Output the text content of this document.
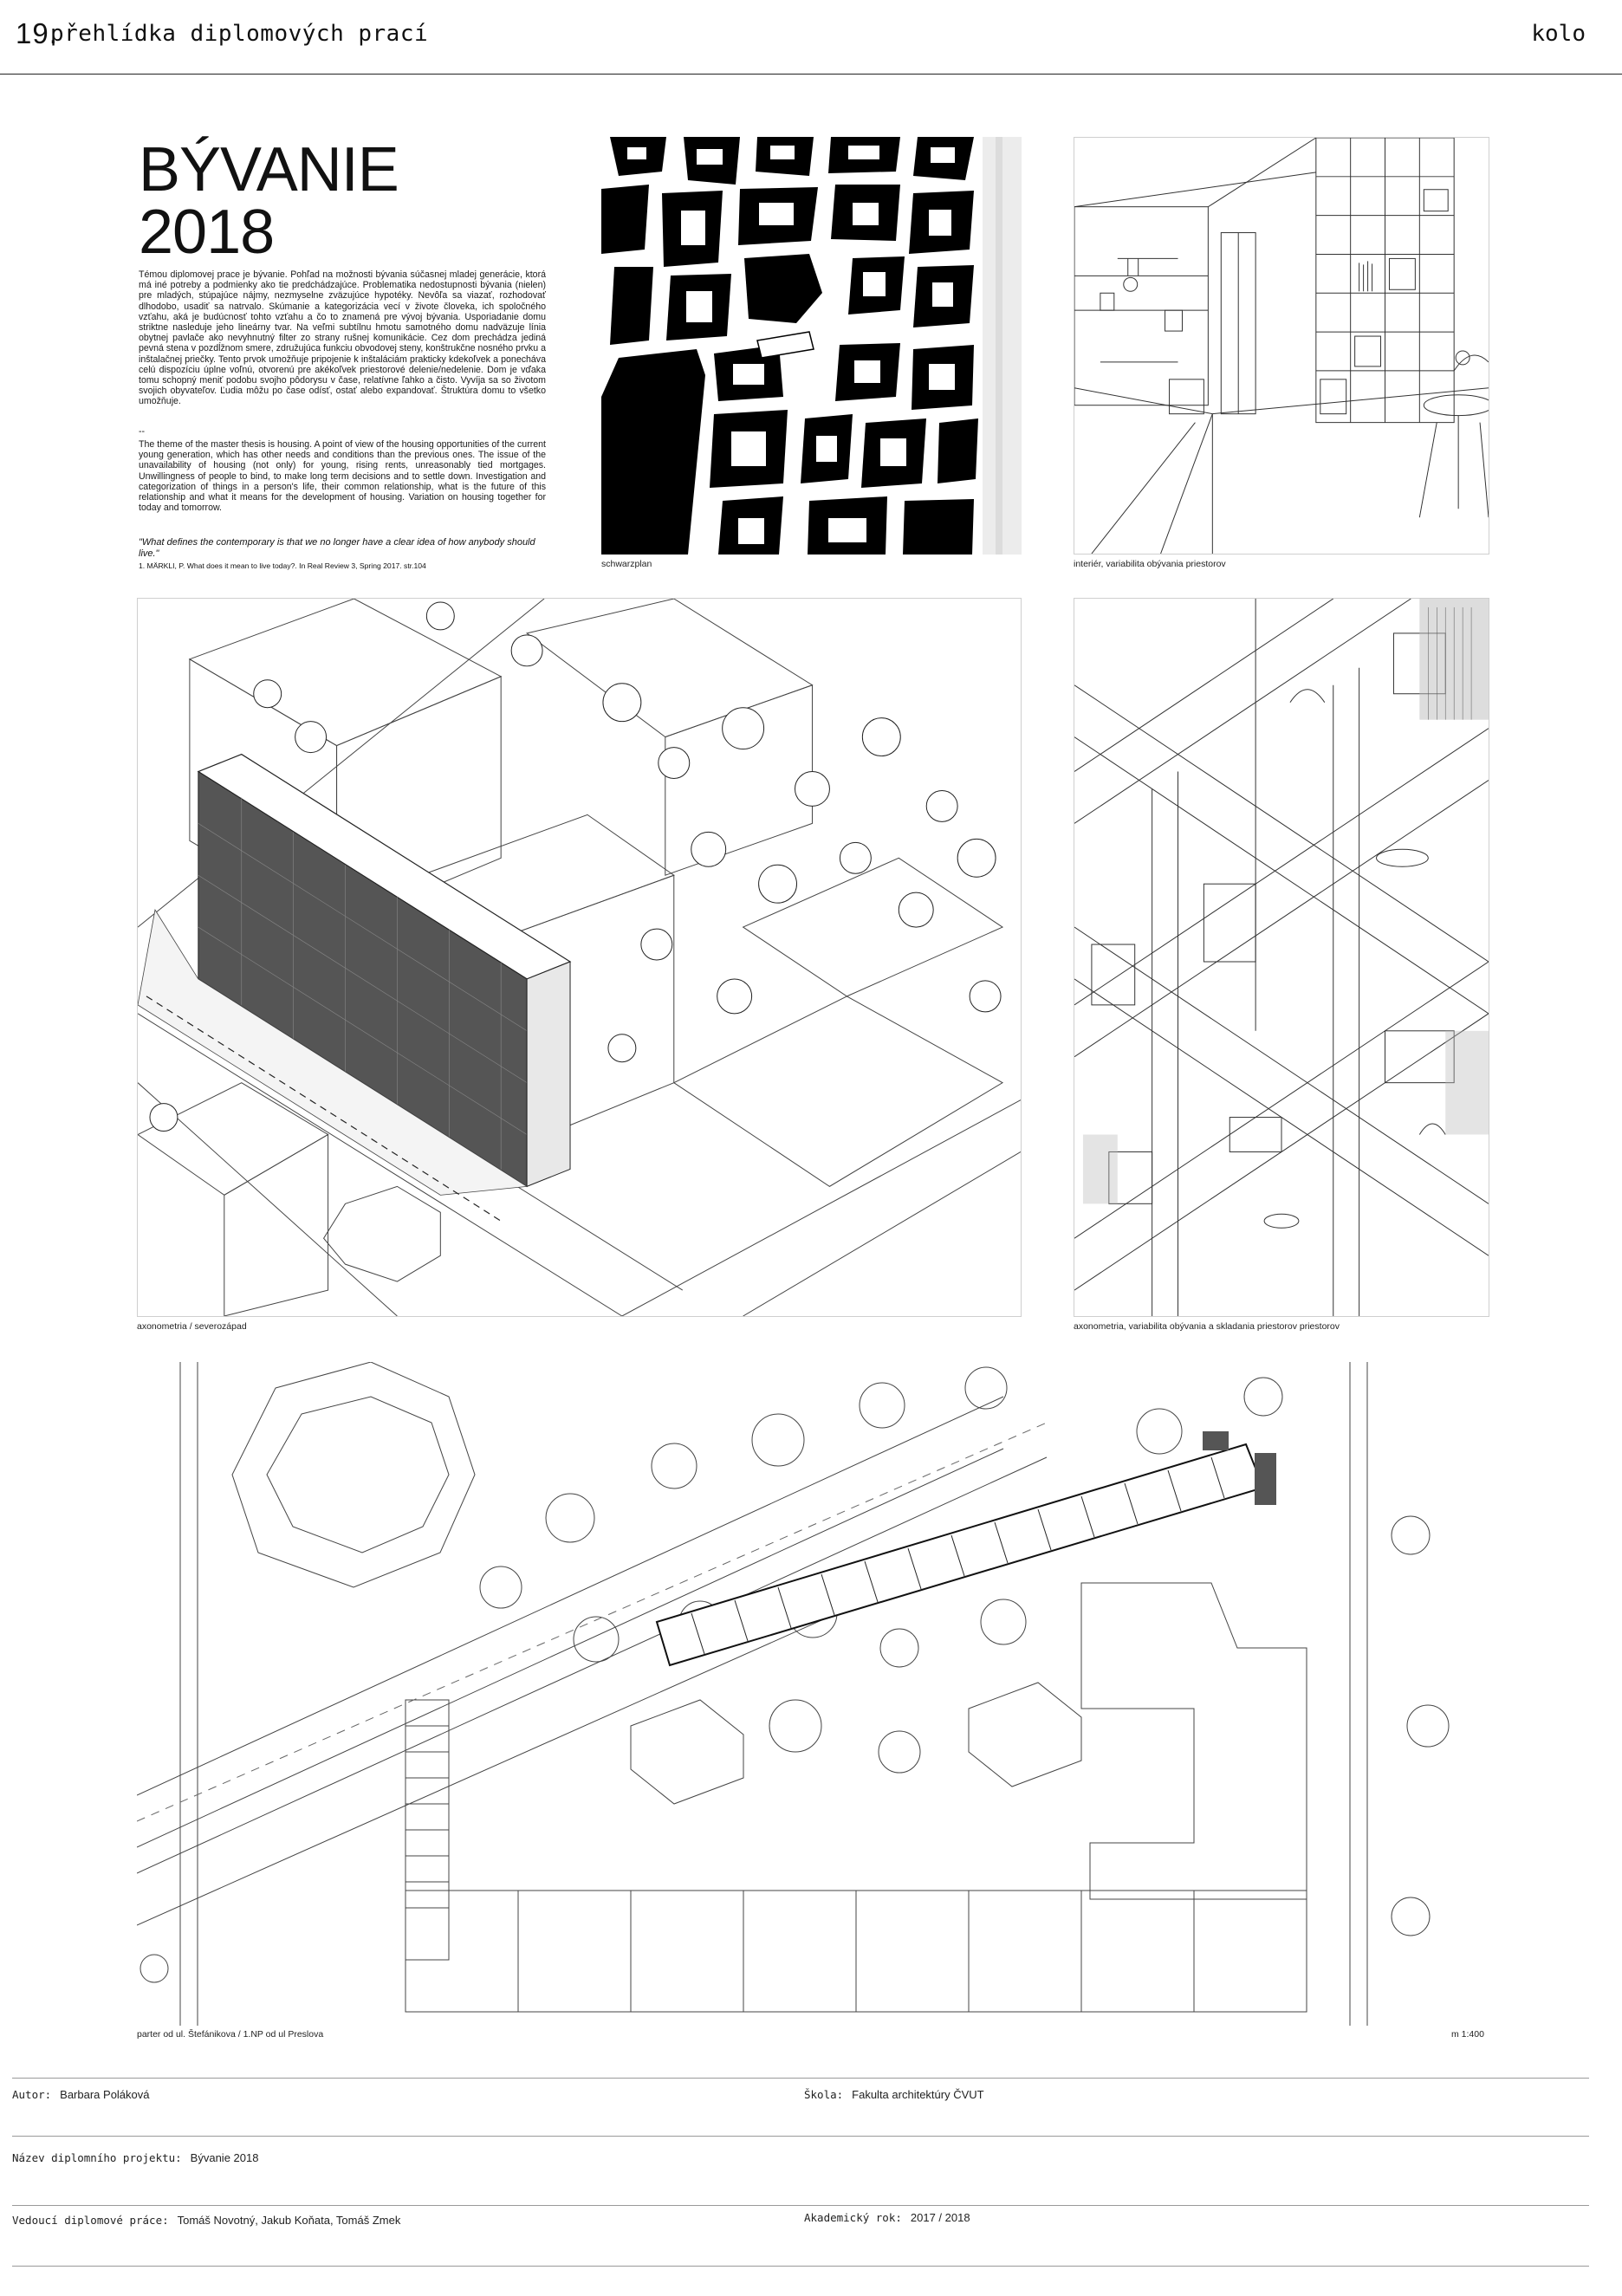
19.
přehlídka diplomových prací	kolo
BÝVANIE
2018

Témou diplomovej prace je bývanie. Pohľad na možnosti bývania súčasnej mladej generácie, ktorá má iné potreby a podmienky ako tie predchádzajúce. Problematika nedostupnosti bývania (nielen) pre mladých, stúpajúce nájmy, nezmyselne zväzujúce hypotéky. Nevôľa sa viazať, rozhodovať dlhodobo, usadiť sa natrvalo. Skúmanie a kategorizácia vecí v živote človeka, ich spoločného vzťahu, aká je budúcnosť tohto vzťahu a čo to znamená pre vývoj bývania. Usporiadanie domu striktne nasleduje jeho lineárny tvar. Na veľmi subtílnu hmotu samotného domu nadväzuje línia obytnej pavlače ako nevyhnutný filter zo strany rušnej komunikácie. Cez dom prechádza jediná pevná stena v pozdĺžnom smere, združujúca funkciu obvodovej steny, konštrukčne nosného prvku a inštalačnej priečky. Tento prvok umožňuje pripojenie k inštaláciám prakticky kdekoľvek a ponecháva celú dispozíciu úplne voľnú, otvorenú pre akékoľvek priestorové delenie/nedelenie. Dom je vďaka tomu schopný meniť podobu svojho pôdorysu v čase, relatívne ľahko a čisto. Vyvíja sa so životom svojich obyvateľov. Ľudia môžu po čase odísť, ostať alebo expandovať. Štruktúra domu to všetko umožňuje.

--

The theme of the master thesis is housing. A point of view of the housing opportunities of the current young generation, which has other needs and conditions than the previous ones. The issue of the unavailability of housing (not only) for young, rising rents, unreasonably tied mortgages. Unwillingness of people to bind, to make long term decisions and to settle down. Investigation and categorization of things in a person's life, their common relationship, what is the future of this relationship and what it means for the development of housing. Variation on housing together for today and tomorrow.

"What defines the contemporary is that we no longer have a clear idea of how anybody should live."

1. MÄRKLI, P. What does it mean to live today?. In Real Review 3, Spring 2017. str.104	schwarzplan	interiér, variabilita obývania priestorov
axonometria / severozápad	axonometria, variabilita obývania a skladania priestorov priestorov
parter od ul. Štefánikova / 1.NP od ul Preslova	m 1:400
Autor: Barbara Poláková	Škola: Fakulta architektúry ČVUT
Název diplomního projektu: Bývanie 2018
Vedoucí diplomové práce: Tomáš Novotný, Jakub Koňata, Tomáš Zmek	Akademický rok: 2017 / 2018
